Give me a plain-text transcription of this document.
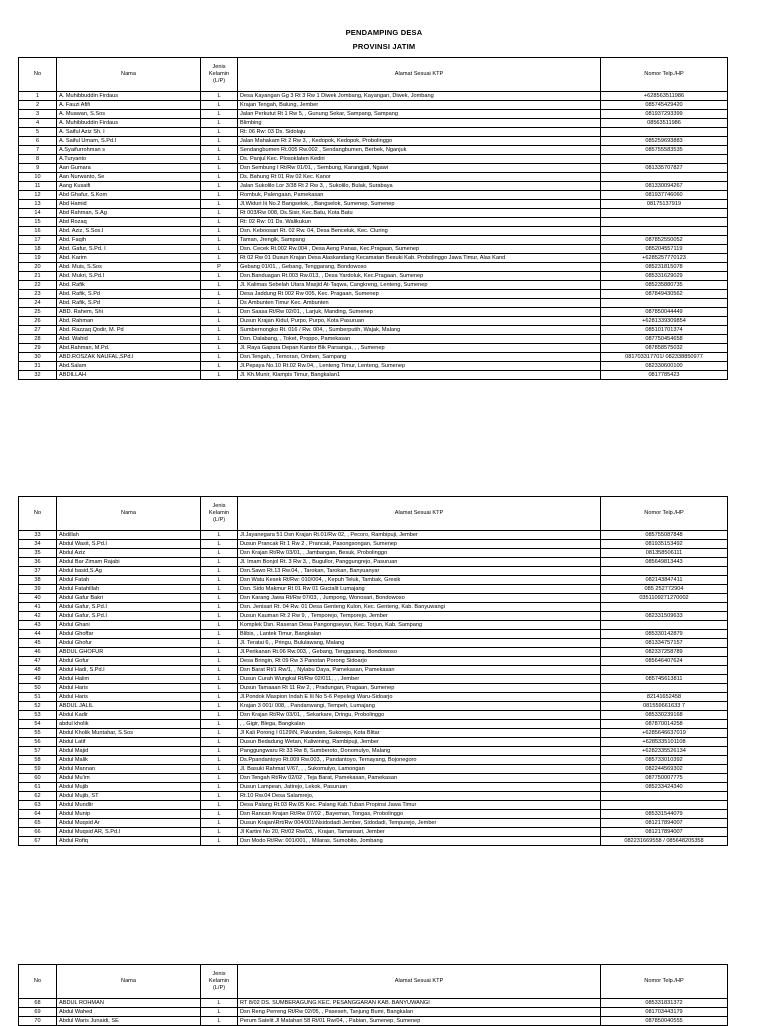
PENDAMPING DESA
PROVINSI JATIM
No	Nama	Jenis Kelamin (L/P)	Alamat Sesuai KTP	Nomor Telp./HP
1	A. Muhibbuddin Firdaus	L	Desa Kayangan Gg 3 Rt 3 Rw 1 Diwek Jombang, Kayangan, Diwek, Jombang	+628563511986
2	A. Fauzi Afifi	L	Krajan Tengah, Balung, Jember	085745429420
3	A. Muawan, S.Sos	L	Jalan Perkutut Rt 1 Rw 5, , Gunung Sekar, Sampang, Sampang	081937293399
4	A. Muhibbuddin Firdaus	L	Blimbing	08563511986
5	A. Saiful Aziz Sh. I	L	Rt: 06 Rw: 03 Ds. Sidolaju	
6	A. Saiful Umam, S.Pd.I	L	Jalan Mahakam Rt 2 Rw 3, , Kedopok, Kedopok, Probolinggo	085259693883
7	A.Syaifurrohman s	L	Sendangbumen Rt.005 Rw.002 , Sendangbumen, Berbek, Nganjuk	085755583535
8	A.Turyanto	L	Ds. Panjul Kec. Plosoklaten Kediri	
9	Aan Gumara	L	Dsn Sembung I Rt/Rw 01/01, , Sembung, Karangjati, Ngawi	081335707827
10	Aan Nurwanto, Se	L	Ds. Bahung Rt 01 Rw 02 Kec. Kanor	
11	Aang Kusaifi	L	Jalan Sukolilo Lor 3/38 Rt 2 Rw 3, , Sukolilo, Bulak, Surabaya	081330094267
12	Abd Ghafur, S.Kom	L	Rombuk, Palengaan, Pamekasan	081937746060
13	Abd Hamid	L	Jl.Widuri Iii No.2 Bangselok, , Bangselok, Sumenep, Sumenep	08175137919
14	Abd Rahman, S.Ag	L	Rt 003/Rw 008, Ds.Sisir, Kec.Batu, Kota Batu	
15	Abd Rozaq	L	Rt: 02 Rw: 01 Ds. Walikukun	
16	Abd. Aziz, S.Sos.I	L	Dsn. Keboosari Rt. 02 Rw. 04, Desa Benceluk, Kec. Cluring	
17	Abd. Faqih	L	Taman, Jrengik, Sampang	087852550052
18	Abd. Gafur, S.Pd. I	L	Dsn. Cecek Rt.002 Rw.004 , Desa Aeng Panas, Kec.Pragaan, Sumenep	085204557119
19	Abd. Karim	L	Rt 02 Rw 01 Dusun Krajan Desa Alaskandang Kecamatan Besuki Kab. Probolinggo Jawa Timur, Alas Kand	+6285257770123
20	Abd. Muis, S.Sos	P	Gebang 01/01, , Gebang, Tenggarang, Bondowoso	085231815078
21	Abd. Mukri, S.Pd.I	L	Dsn.Banduagan Rt.003 Rw.013, , Desa Yardoluk, Kec.Pragaan, Sumenep	085331629029
22	Abd. Rafik	L	Jl. Kalimas Sebelah Utara Masjid At-Taqwa, Cangkreng, Lenteng, Sumenep	085235880735
23	Abd. Rafik, S.Pd	L	Desa Jaddung Rt 002 Rw 005, Kec. Pragaan, Sumenep	087849430562
24	Abd. Rafik, S.Pd	L	Ds Ambunten Timur Kec. Ambunten	
25	ABD. Rahem, Shi	L	Dsn Saasa Rt/Rw 02/01, , Larjuk, Manding, Sumenep	087850044449
26	Abd. Rahman	L	Dusun Krajan Kidul, Purpo, Purpo, Kota Pasuruan	+6281339309854
27	Abd. Razzaq Qodir, M. Pd	L	Sumbernongko Rt. 016 / Rw. 004, , Sumberputih, Wajak, Malang	085101701374
28	Abd. Wahid	L	Dsn. Dalabang, , Toket, Proppo, Pamekasan	087750454658
29	Abd.Rahman, M.Pd.	L	Jl. Raya Gapura Depan Kantor Blk Parsanga, , , Sumenep	087858575032
30	ABD.ROSZAK NAUFAL,SPd.I	L	Dsn.Tengah, , Temoran, Omben, Sampang	081703317701/ 082338850977
31	Abd.Salam	L	Jl.Pepaya No.10 Rt.02 Rw.04, , Lenteng Timur, Lenteng, Sumenep	082330600100
32	ABDILLAH	L	Jl. Kh.Munir, Klampis Timur, Bangkalan1	0817785423
No	Nama	Jenis Kelamin (L/P)	Alamat Sesuai KTP	Nomor Telp./HP
33	Abdillah	L	Jl.Jayanegara 51 Dsn Krajan Rt.01/Rw 02, , Pecoro, Rambipuji, Jember	085755087848
34	Abdul Wasit, S.Pd.I	L	Dusun Prancak Rt 1 Rw 2 , Prancak, Pasongsongan, Sumenep	081935153492
35	Abdul Aziz	L	Dsn Krajan Rt/Rw 03/01, , Jambangan, Besuk, Probolinggo	081358506111
36	Abdul Bar Zimam Rajabi	L	Jl. Imam Bonjol Rt. 3 Rw 3, , Bugullor, Panggungrejo, Pasuruan	085649813443
37	Abdul basid,S.Ag	L	Dsn.Sawo Rt.13 Rw.04, , Tarokan, Tarokan, Banyuanyar	
38	Abdul Fatah	L	Dsn Watu Kesek Rt/Rw: 010/004, , Kepuh Teluk, Tambak, Gresik	082143847411
39	Abdul Fatahillah	L	Dsn. Sido Makmur Rt 01 Rw 01 Gucialit Lumajang	085 252772904
40	Abdul Gafur Bakri	L	Dsn Karang Jawa Rt/Rw 07/03, , Jumpong, Wonosari, Bondowoso	0351109271270002
41	Abdul Gafur, S.Pd.I	L	Dsn. Jenisari Rt. 04 Rw. 01 Desa Genteng Kulon, Kec. Genteng, Kab. Banyuwangi	
42	Abdul Gafur, S.Pd.I	L	Dusun Kauman Rt 2 Rw 9, , Temporejo, Temporejo, Jember	082331509633
43	Abdul Ghani	L	Komplek Dsn. Raseran Desa Pangongseyan, Kec. Torjun, Kab. Sampang	
44	Abdul Ghoffar	L	Blibis, , Lantek Timur, Bangkalan	085330142879
45	Abdul Ghofur	L	Jl. Teratai 6, , Pringu, Bululawang, Malang	081334757157
46	ABDUL GHOFUR	L	Jl.Perikanan Rt.06 Rw.003, , Gebang, Tenggarang, Bondowoso	082337258789
47	Abdul Gofur	L	Desa Bringin, Rt 09 Rw 3 Panotan Porong Sidoarjo	085646407624
48	Abdul Hadi, S.Pd.I	L	Dsn Barat Rt/1 Rw/1, , Nylabu Daya, Pamekasan, Pamekasan	
49	Abdul Halim	L	Dusun Curah Wungkal Rt/Rw 02/011, , , Jember	085745613811
50	Abdul Haris	L	Dusun Tamaaan Rt 11 Rw 2, , Pradungan, Pragaan, Sumenep	
51	Abdul Haris	L	Jl.Pondok Maspion Indah E Iii No 5-6 Pepelegi Waru-Sidoarjo	82141652458
52	ABDUL JALIL	L	Krajan 3 001/ 008, , Pandanwangi, Tempeh, Lumajang	081559661633 7
53	Abdul Kadir	L	Dsn Krajan Rt/Rw 03/01, , Sekarkare, Dringu, Probolinggo	085330239168
54	abdul kholik	L	, , Gigir, Blega, Bangkalan	087870014258
55	Abdul Kholik Muntahar, S.Sos	L	Jl Kali Porong I 0129\N, Pakunden, Sukorejo, Kota Blitar	+6285646637019
56	Abdul Latif	L	Dusun Bedadung Wetan, Kaliwining, Rambipuji, Jember	+6285335101108
57	Abdul Majid	L	Panggungwaru Rt 33 Rw 8, Sumberoto, Donomulyo, Malang	+6282335526134
58	Abdul Malik	L	Ds.Ppandantoyo Rt.009 Rw.003, , Pandantoyo, Ternayang, Bojonegoro	085733010392
59	Abdul Mannan	L	Jl. Basuki Rahmat V/67, , , Sukomulyo, Lamongan	082244569302
60	Abdul Mu'im	L	Dsn Tengah Rt/Rw 02/02 , Teja Barat, Pamekasan, Pamekasan	087750007775
61	Abdul Mujib	L	Dusun Lampean, Jatirejo, Lekok, Pasuruan	085233424340
62	Abdul Mujib, ST	L	Rt.10 Rw.04 Desa Salamrejo,	
63	Abdul Mundlir	L	Desa Palang Rt.03 Rw.05 Kec. Palang Kab.Tuban Propinsi Jawa Timur	
64	Abdul Munip	L	Dsn Rancan Krajan Rt/Rw 07/02 , Bayeman, Tongas, Probolinggo	085331544079
65	Abdul Muqsid Ar	L	Dusun Krajan\Rrt/Rw 004/001\Nsidodadi Jember, Sidodadi, Tempurejo, Jember	081217894007
66	Abdul Muqsid AR, S.Pd.I	L	Jl Kartini No 20, Rt/02 Rw/03, , Krajan, Tamansari, Jember	081217894007
67	Abdul Rofiq	L	Dsn Modo Rt/Rw: 001/001, , Milaras, Sumobito, Jombang	082231669558 / 085648205358
No	Nama	Jenis Kelamin (L/P)	Alamat Sesuai KTP	Nomor Telp./HP
68	ABDUL ROHMAN	L	RT 8/02 DS. SUMBERAGUNG KEC. PESANGGARAN KAB. BANYUWANGI	085331831372
69	Abdul Wahed	L	Dsn Reng Perreng Rt/Rw 02/05, , Paseseh, Tanjung Bumi, Bangkalan	081703443179
70	Abdul Waris Junaidi, SE	L	Perum Satelit Jl Matahari 58 Rt/01 Rw/04, , Pabian, Sumenep, Sumenep	087850040555
